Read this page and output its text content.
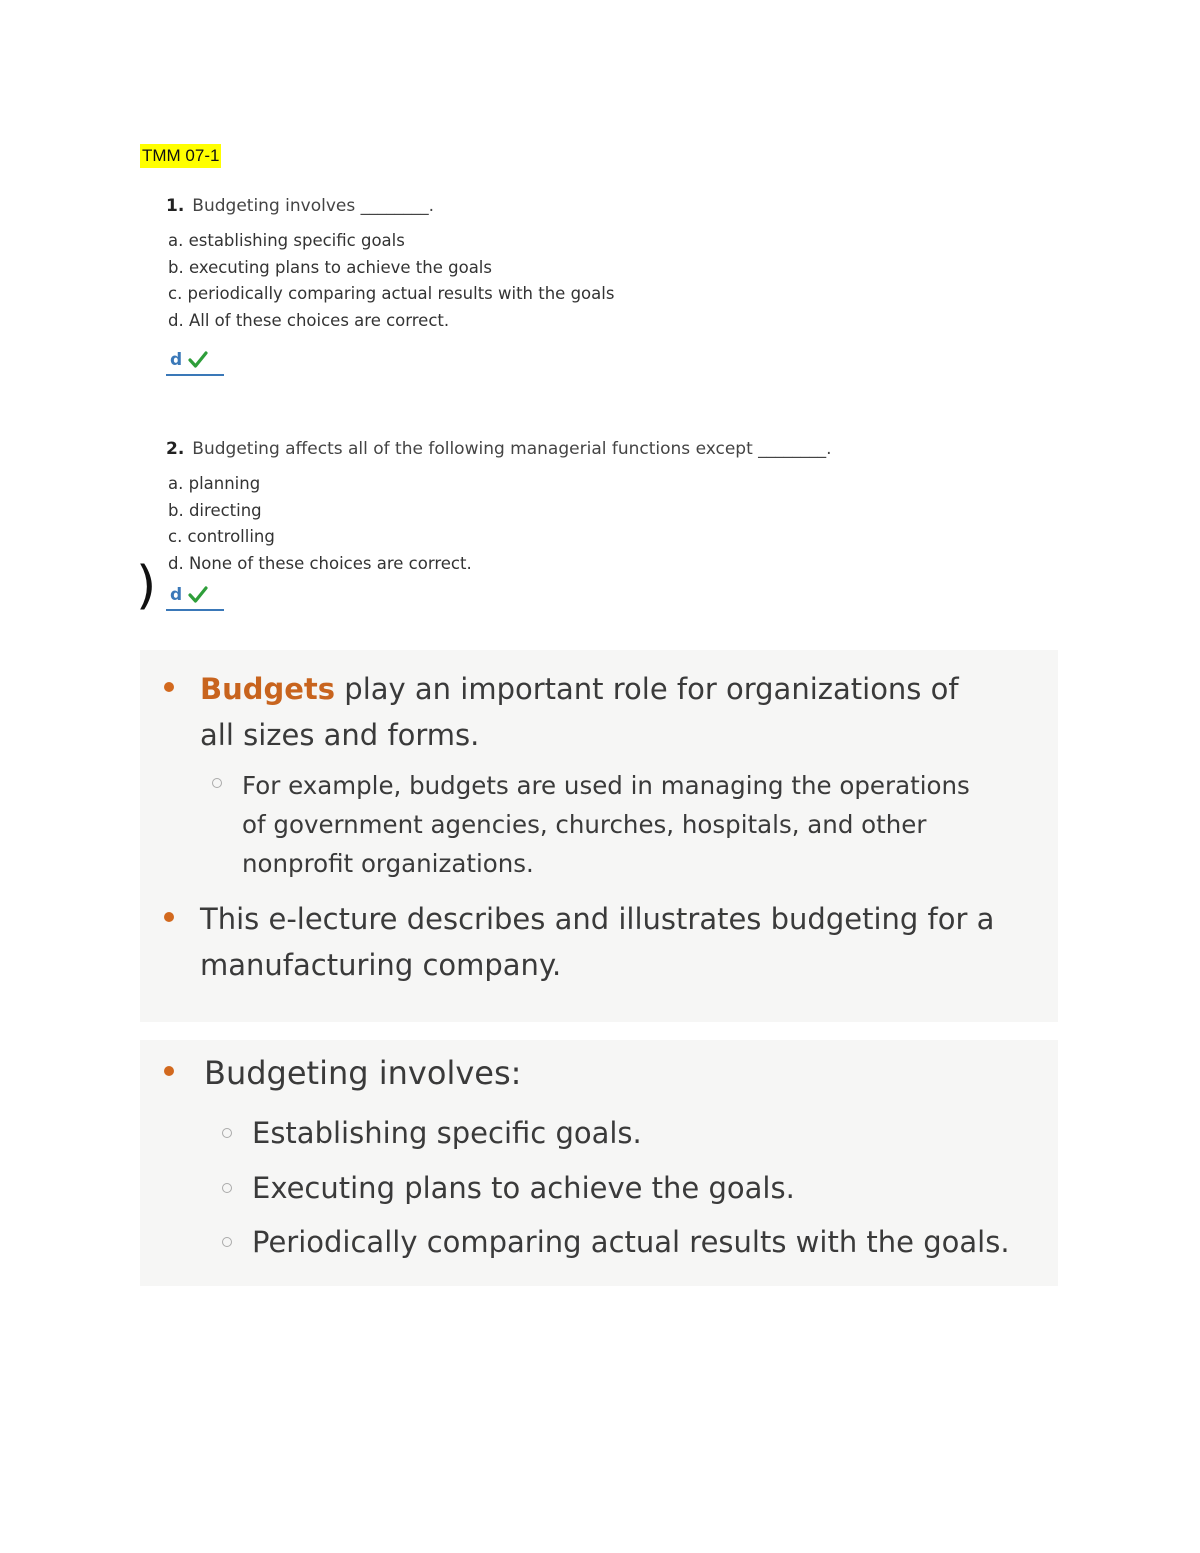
TMM 07-1
1. Budgeting involves ________.
a. establishing specific goals
b. executing plans to achieve the goals
c. periodically comparing actual results with the goals
d. All of these choices are correct.
d
2. Budgeting affects all of the following managerial functions except ________.
a. planning
b. directing
c. controlling
d. None of these choices are correct.
d
)
Budgets play an important role for organizations of
all sizes and forms.
For example, budgets are used in managing the operations
of government agencies, churches, hospitals, and other
nonprofit organizations.
This e-lecture describes and illustrates budgeting for a
manufacturing company.
Budgeting involves:
Establishing specific goals.
Executing plans to achieve the goals.
Periodically comparing actual results with the goals.
